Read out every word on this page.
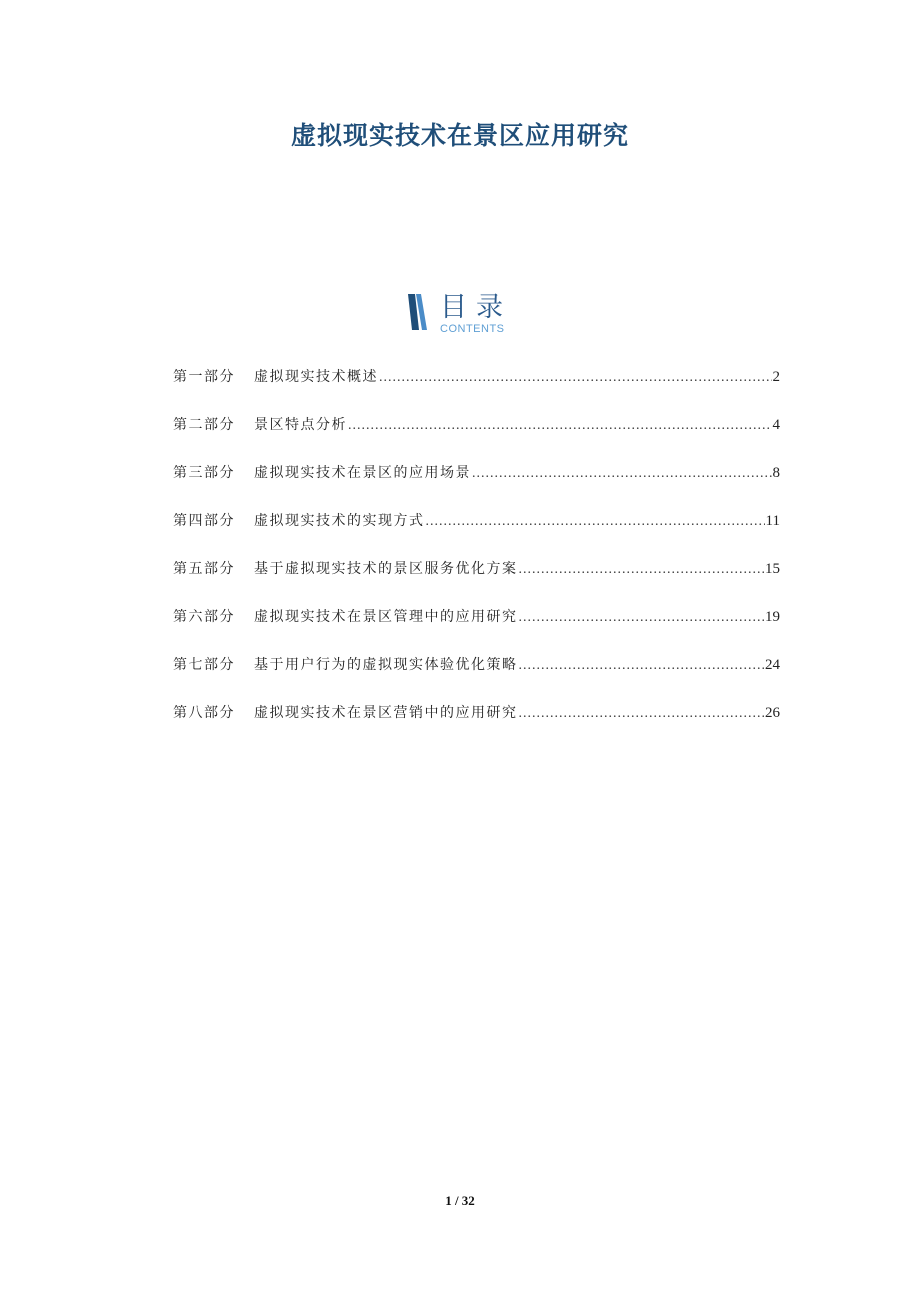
虚拟现实技术在景区应用研究
目录
CONTENTS
第一部分	虚拟现实技术概述 .....	2
第二部分	景区特点分析 .....	4
第三部分	虚拟现实技术在景区的应用场景 .....	8
第四部分	虚拟现实技术的实现方式 .....	11
第五部分	基于虚拟现实技术的景区服务优化方案 .....	15
第六部分	虚拟现实技术在景区管理中的应用研究 .....	19
第七部分	基于用户行为的虚拟现实体验优化策略 .....	24
第八部分	虚拟现实技术在景区营销中的应用研究 .....	26
1 / 32
